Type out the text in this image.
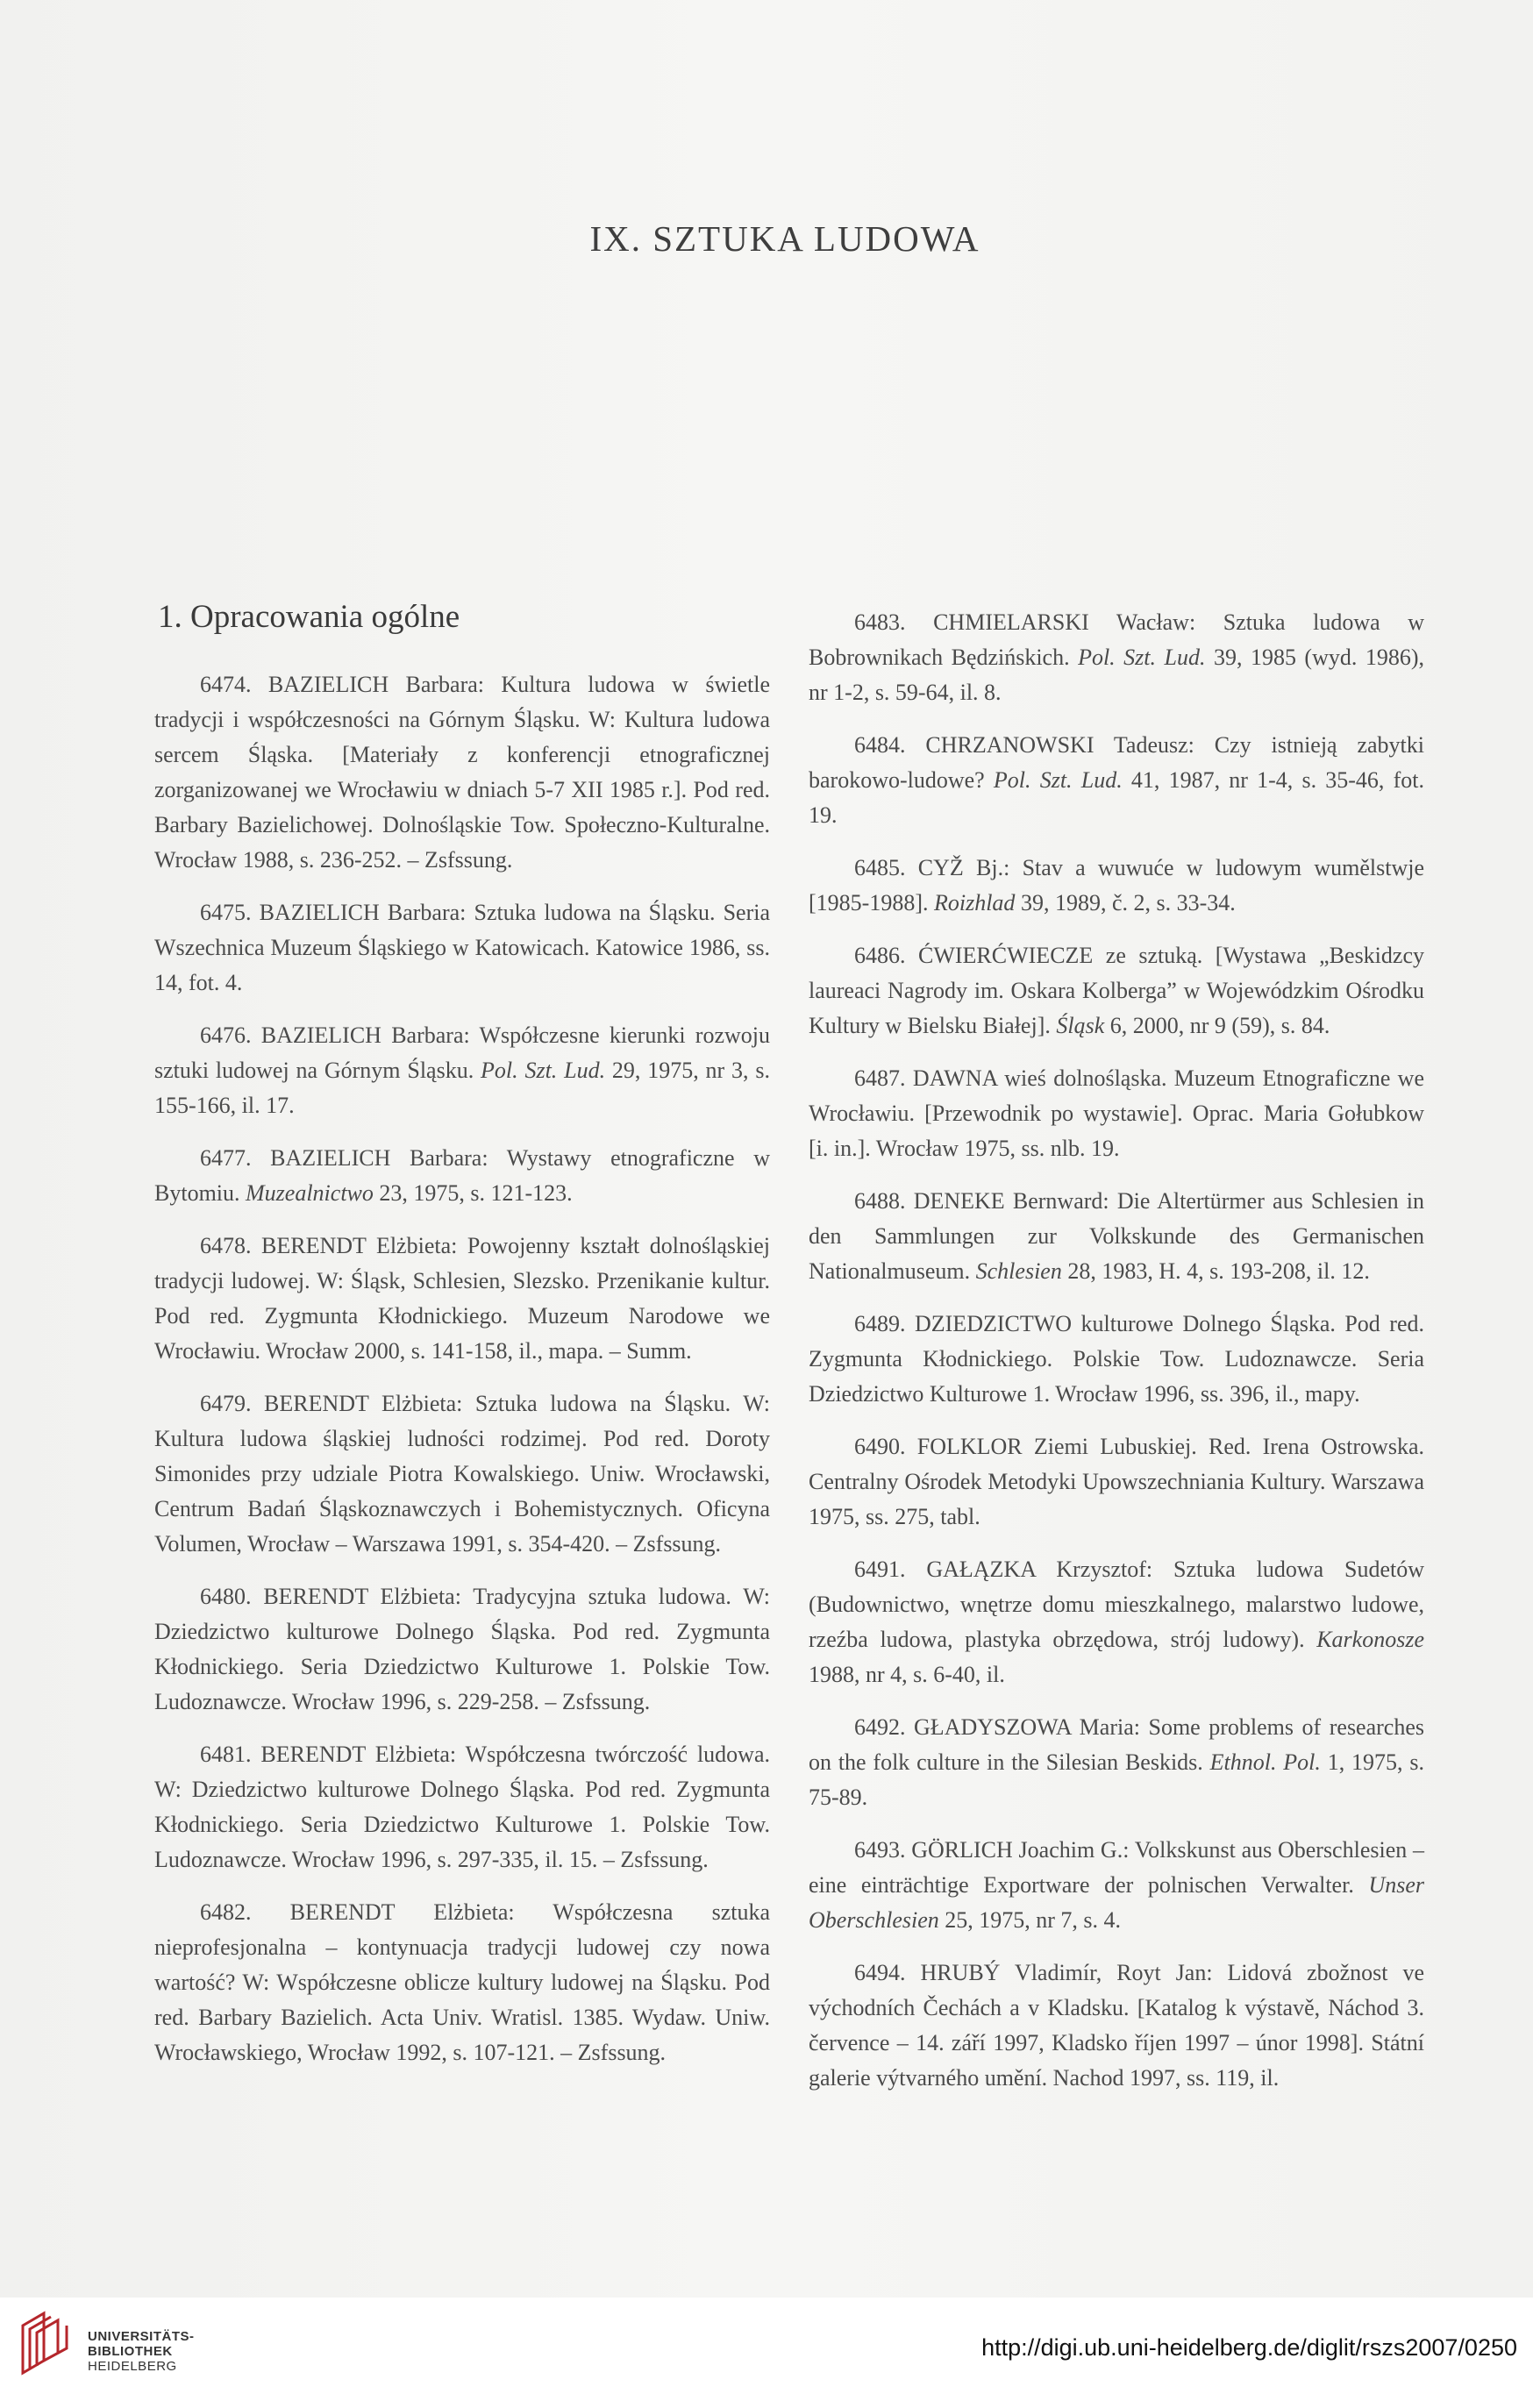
IX. SZTUKA LUDOWA
1. Opracowania ogólne

6474. BAZIELICH Barbara: Kultura ludowa w świetle tradycji i współczesności na Górnym Śląsku. W: Kultura ludowa sercem Śląska. [Materiały z konferencji etnograficznej zorganizowanej we Wrocławiu w dniach 5-7 XII 1985 r.]. Pod red. Barbary Bazielichowej. Dolnośląskie Tow. Społeczno-Kulturalne. Wrocław 1988, s. 236-252. – Zsfssung.

6475. BAZIELICH Barbara: Sztuka ludowa na Śląsku. Seria Wszechnica Muzeum Śląskiego w Katowicach. Katowice 1986, ss. 14, fot. 4.

6476. BAZIELICH Barbara: Współczesne kierunki rozwoju sztuki ludowej na Górnym Śląsku. Pol. Szt. Lud. 29, 1975, nr 3, s. 155-166, il. 17.

6477. BAZIELICH Barbara: Wystawy etnograficzne w Bytomiu. Muzealnictwo 23, 1975, s. 121-123.

6478. BERENDT Elżbieta: Powojenny kształt dolnośląskiej tradycji ludowej. W: Śląsk, Schlesien, Slezsko. Przenikanie kultur. Pod red. Zygmunta Kłodnickiego. Muzeum Narodowe we Wrocławiu. Wrocław 2000, s. 141-158, il., mapa. – Summ.

6479. BERENDT Elżbieta: Sztuka ludowa na Śląsku. W: Kultura ludowa śląskiej ludności rodzimej. Pod red. Doroty Simonides przy udziale Piotra Kowalskiego. Uniw. Wrocławski, Centrum Badań Śląskoznawczych i Bohemistycznych. Oficyna Volumen, Wrocław – Warszawa 1991, s. 354-420. – Zsfssung.

6480. BERENDT Elżbieta: Tradycyjna sztuka ludowa. W: Dziedzictwo kulturowe Dolnego Śląska. Pod red. Zygmunta Kłodnickiego. Seria Dziedzictwo Kulturowe 1. Polskie Tow. Ludoznawcze. Wrocław 1996, s. 229-258. – Zsfssung.

6481. BERENDT Elżbieta: Współczesna twórczość ludowa. W: Dziedzictwo kulturowe Dolnego Śląska. Pod red. Zygmunta Kłodnickiego. Seria Dziedzictwo Kulturowe 1. Polskie Tow. Ludoznawcze. Wrocław 1996, s. 297-335, il. 15. – Zsfssung.

6482. BERENDT Elżbieta: Współczesna sztuka nieprofesjonalna – kontynuacja tradycji ludowej czy nowa wartość? W: Współczesne oblicze kultury ludowej na Śląsku. Pod red. Barbary Bazielich. Acta Univ. Wratisl. 1385. Wydaw. Uniw. Wrocławskiego, Wrocław 1992, s. 107-121. – Zsfssung.

6483. CHMIELARSKI Wacław: Sztuka ludowa w Bobrownikach Będzińskich. Pol. Szt. Lud. 39, 1985 (wyd. 1986), nr 1-2, s. 59-64, il. 8.

6484. CHRZANOWSKI Tadeusz: Czy istnieją zabytki barokowo-ludowe? Pol. Szt. Lud. 41, 1987, nr 1-4, s. 35-46, fot. 19.

6485. CYŽ Bj.: Stav a wuwuće w ludowym wumělstwje [1985-1988]. Roizhlad 39, 1989, č. 2, s. 33-34.

6486. ĆWIERĆWIECZE ze sztuką. [Wystawa „Beskidzcy laureaci Nagrody im. Oskara Kolberga” w Wojewódzkim Ośrodku Kultury w Bielsku Białej]. Śląsk 6, 2000, nr 9 (59), s. 84.

6487. DAWNA wieś dolnośląska. Muzeum Etnograficzne we Wrocławiu. [Przewodnik po wystawie]. Oprac. Maria Gołubkow [i. in.]. Wrocław 1975, ss. nlb. 19.

6488. DENEKE Bernward: Die Altertürmer aus Schlesien in den Sammlungen zur Volkskunde des Germanischen Nationalmuseum. Schlesien 28, 1983, H. 4, s. 193-208, il. 12.

6489. DZIEDZICTWO kulturowe Dolnego Śląska. Pod red. Zygmunta Kłodnickiego. Polskie Tow. Ludoznawcze. Seria Dziedzictwo Kulturowe 1. Wrocław 1996, ss. 396, il., mapy.

6490. FOLKLOR Ziemi Lubuskiej. Red. Irena Ostrowska. Centralny Ośrodek Metodyki Upowszechniania Kultury. Warszawa 1975, ss. 275, tabl.

6491. GAŁĄZKA Krzysztof: Sztuka ludowa Sudetów (Budownictwo, wnętrze domu mieszkalnego, malarstwo ludowe, rzeźba ludowa, plastyka obrzędowa, strój ludowy). Karkonosze 1988, nr 4, s. 6-40, il.

6492. GŁADYSZOWA Maria: Some problems of researches on the folk culture in the Silesian Beskids. Ethnol. Pol. 1, 1975, s. 75-89.

6493. GÖRLICH Joachim G.: Volkskunst aus Oberschlesien – eine einträchtige Exportware der polnischen Verwalter. Unser Oberschlesien 25, 1975, nr 7, s. 4.

6494. HRUBÝ Vladimír, Royt Jan: Lidová zbožnost ve východních Čechách a v Kladsku. [Katalog k výstavě, Náchod 3. července – 14. září 1997, Kladsko říjen 1997 – únor 1998]. Státní galerie výtvarného umění. Nachod 1997, ss. 119, il.

UNIVERSITÄTS-
BIBLIOTHEK
HEIDELBERG
http://digi.ub.uni-heidelberg.de/diglit/rszs2007/0250
